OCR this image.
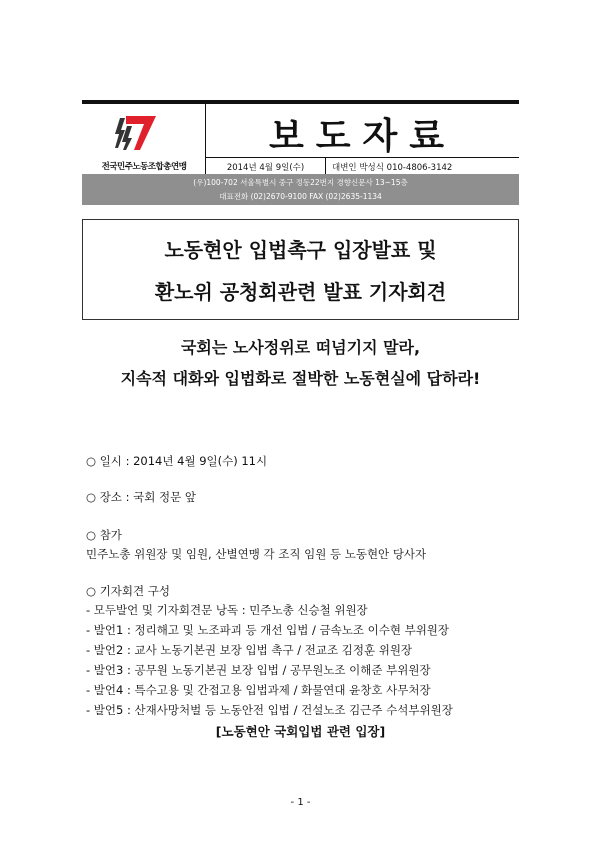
전국민주노동조합총연맹
보도자료
2014년 4월 9일(수)	대변인 박성식 010-4806-3142
(우)100-702 서울특별시 중구 정동22번지 경향신문사 13~15층
대표전화 (02)2670-9100 FAX (02)2635-1134
노동현안 입법촉구 입장발표 및
환노위 공청회관련 발표 기자회견
국회는 노사정위로 떠넘기지 말라,
지속적 대화와 입법화로 절박한 노동현실에 답하라!
○ 일시 : 2014년 4월 9일(수) 11시
○ 장소 : 국회 정문 앞
○ 참가
민주노총 위원장 및 임원, 산별연맹 각 조직 임원 등 노동현안 당사자
○ 기자회견 구성
- 모두발언 및 기자회견문 낭독 : 민주노총 신승철 위원장
- 발언1 : 정리해고 및 노조파괴 등 개선 입법 / 금속노조 이수현 부위원장
- 발언2 : 교사 노동기본권 보장 입법 촉구 / 전교조 김정훈 위원장
- 발언3 : 공무원 노동기본권 보장 입법 / 공무원노조 이해준 부위원장
- 발언4 : 특수고용 및 간접고용 입법과제 / 화물연대 윤창호 사무처장
- 발언5 : 산재사망처벌 등 노동안전 입법 / 건설노조 김근주 수석부위원장
[노동현안 국회입법 관련 입장]
- 1 -
